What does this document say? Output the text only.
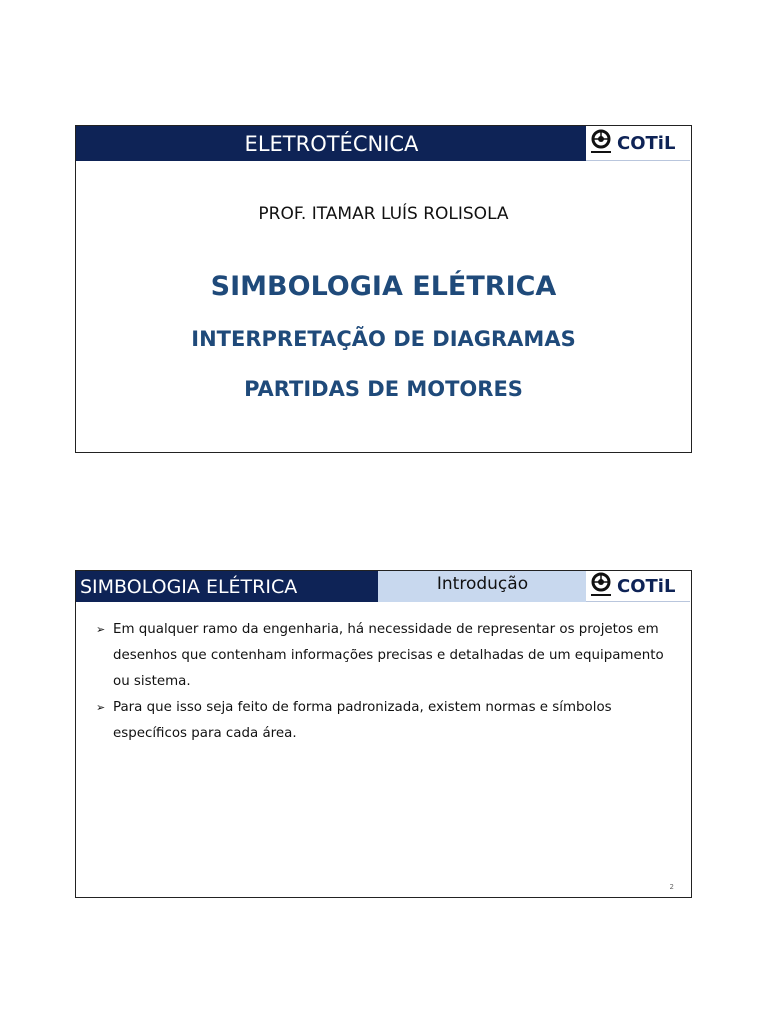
ELETROTÉCNICA	COTiL
PROF. ITAMAR LUÍS ROLISOLA
SIMBOLOGIA ELÉTRICA
INTERPRETAÇÃO DE DIAGRAMAS
PARTIDAS DE MOTORES
SIMBOLOGIA ELÉTRICA	Introdução	COTiL
➢ Em qualquer ramo da engenharia, há necessidade de representar os projetos em desenhos que contenham informações precisas e detalhadas de um equipamento ou sistema.
➢ Para que isso seja feito de forma padronizada, existem normas e símbolos específicos para cada área.
2
